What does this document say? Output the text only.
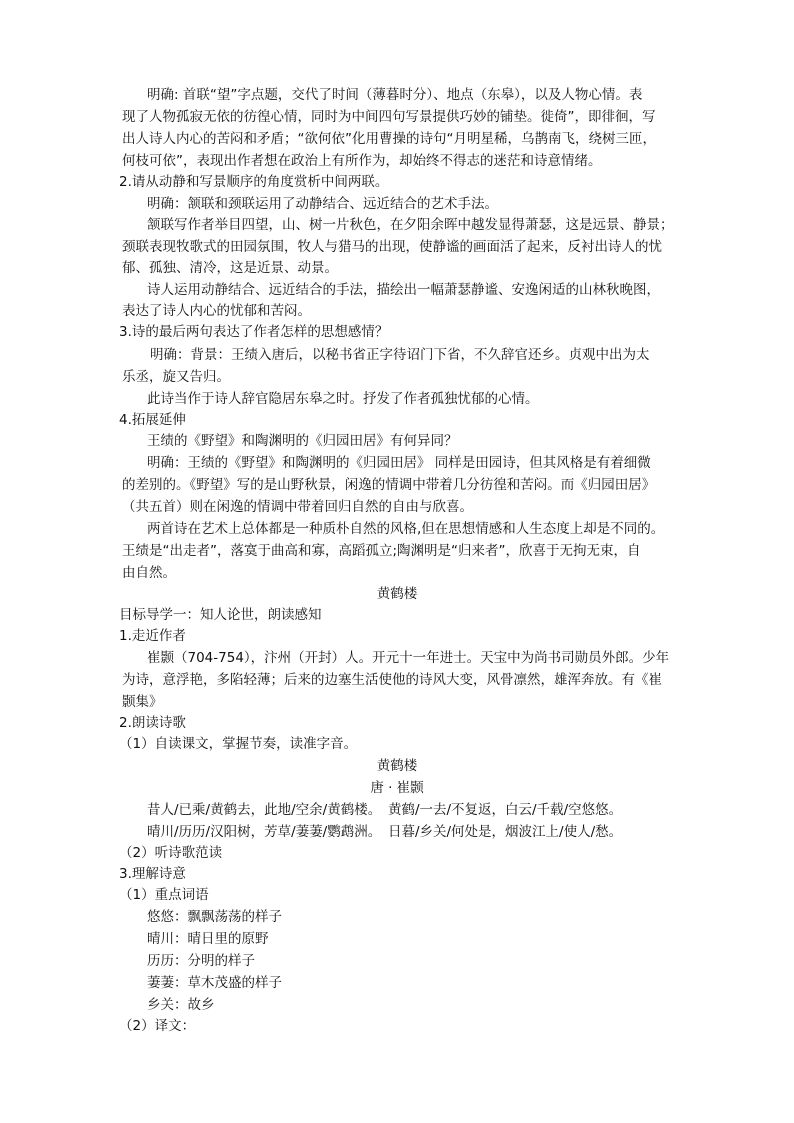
明确: 首联“望”字点题，交代了时间（薄暮时分）、地点（东皋），以及人物心情。表
现了人物孤寂无依的彷徨心情，同时为中间四句写景提供巧妙的铺垫。徙倚”，即徘徊，写
出人诗人内心的苦闷和矛盾；“欲何依”化用曹操的诗句“月明星稀，乌鹊南飞，绕树三匝，
何枝可依”，表现出作者想在政治上有所作为，却始终不得志的迷茫和诗意情绪。
2.请从动静和写景顺序的角度赏析中间两联。
明确：颔联和颈联运用了动静结合、远近结合的艺术手法。
颔联写作者举目四望，山、树一片秋色，在夕阳余晖中越发显得萧瑟，这是远景、静景；
颈联表现牧歌式的田园氛围，牧人与猎马的出现，使静谧的画面活了起来，反衬出诗人的忧
郁、孤独、清冷，这是近景、动景。
诗人运用动静结合、远近结合的手法，描绘出一幅萧瑟静谧、安逸闲适的山林秋晚图，
表达了诗人内心的忧郁和苦闷。
3.诗的最后两句表达了作者怎样的思想感情？
明确：背景：王绩入唐后，以秘书省正字待诏门下省，不久辞官还乡。贞观中出为太
乐丞，旋又告归。
此诗当作于诗人辞官隐居东皋之时。抒发了作者孤独忧郁的心情。
4.拓展延伸
王绩的《野望》和陶渊明的《归园田居》有何异同？
明确：王绩的《野望》和陶渊明的《归园田居》 同样是田园诗，但其风格是有着细微
的差别的。《野望》写的是山野秋景，闲逸的情调中带着几分彷徨和苦闷。而《归园田居》
（共五首）则在闲逸的情调中带着回归自然的自由与欣喜。
两首诗在艺术上总体都是一种质朴自然的风格,但在思想情感和人生态度上却是不同的。
王绩是“出走者”，落寞于曲高和寡，高蹈孤立;陶渊明是“归来者”，欣喜于无拘无束，自
由自然。
黄鹤楼
目标导学一：知人论世，朗读感知
1.走近作者
崔颢（704-754），汴州（开封）人。开元十一年进士。天宝中为尚书司勋员外郎。少年
为诗，意浮艳，多陷轻薄；后来的边塞生活使他的诗风大变，风骨凛然，雄浑奔放。有《崔
颢集》
2.朗读诗歌
（1）自读课文，掌握节奏，读准字音。
黄鹤楼
唐 · 崔颢
昔人/已乘/黄鹤去，此地/空余/黄鹤楼。　黄鹤/一去/不复返，白云/千载/空悠悠。
晴川/历历/汉阳树，芳草/萋萋/鹦鹉洲。　日暮/乡关/何处是，烟波江上/使人/愁。
（2）听诗歌范读
3.理解诗意
（1）重点词语
悠悠：飘飘荡荡的样子
晴川：晴日里的原野
历历：分明的样子
萋萋：草木茂盛的样子
乡关：故乡
（2）译文：
